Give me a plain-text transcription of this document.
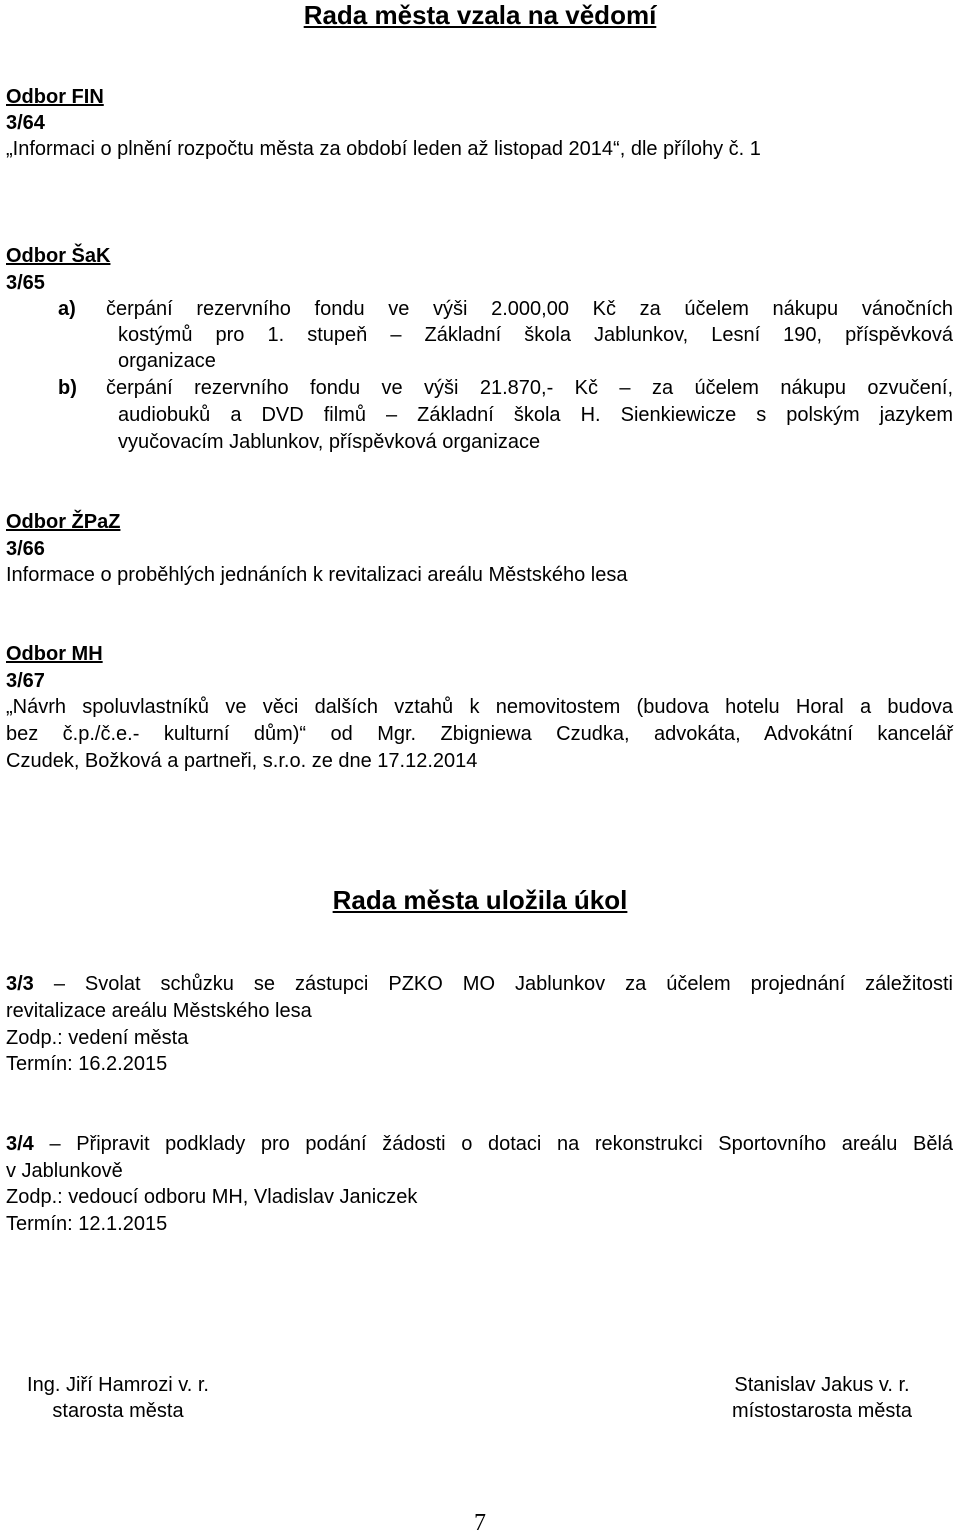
Rada města vzala na vědomí
Odbor FIN
3/64
„Informaci o plnění rozpočtu města za období leden až listopad 2014“, dle přílohy č. 1
Odbor ŠaK
3/65
a) čerpání rezervního fondu ve výši 2.000,00 Kč za účelem nákupu vánočních
kostýmů pro 1. stupeň – Základní škola Jablunkov, Lesní 190, příspěvková
organizace
b) čerpání rezervního fondu ve výši 21.870,- Kč – za účelem nákupu ozvučení,
audiobuků a DVD filmů – Základní škola H. Sienkiewicze s polským jazykem
vyučovacím Jablunkov, příspěvková organizace
Odbor ŽPaZ
3/66
Informace o proběhlých jednáních k revitalizaci areálu Městského lesa
Odbor MH
3/67
„Návrh spoluvlastníků ve věci dalších vztahů k nemovitostem (budova hotelu Horal a budova
bez č.p./č.e.- kulturní dům)“ od Mgr. Zbigniewa Czudka, advokáta, Advokátní kancelář
Czudek, Božková a partneři, s.r.o. ze dne 17.12.2014
Rada města uložila úkol
3/3 – Svolat schůzku se zástupci PZKO MO Jablunkov za účelem projednání záležitosti
revitalizace areálu Městského lesa
Zodp.: vedení města
Termín: 16.2.2015
3/4 – Připravit podklady pro podání žádosti o dotaci na rekonstrukci Sportovního areálu Bělá
v Jablunkově
Zodp.: vedoucí odboru MH, Vladislav Janiczek
Termín: 12.1.2015
Ing. Jiří Hamrozi v. r.
starosta města
Stanislav Jakus v. r.
místostarosta města
7
